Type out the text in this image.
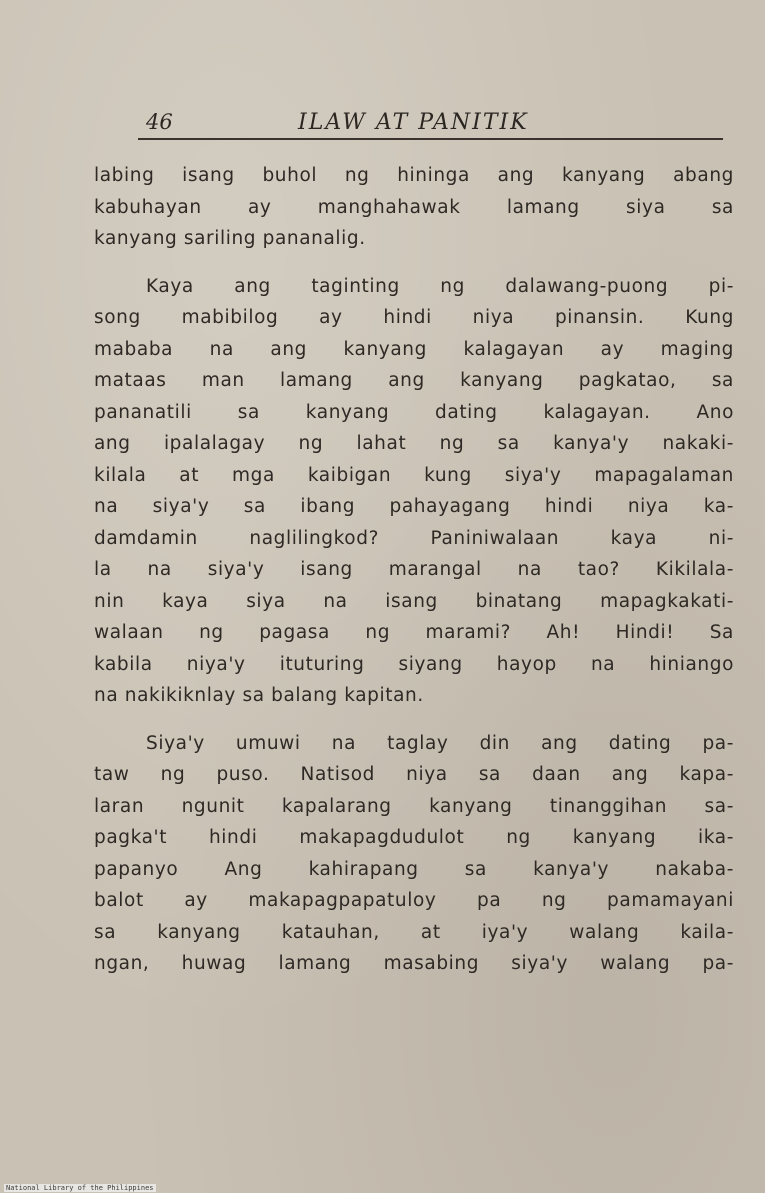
46	ILAW AT PANITIK
labing isang buhol ng hininga ang kanyang abang
kabuhayan ay manghahawak lamang siya sa
kanyang sariling pananalig.
Kaya ang taginting ng dalawang-puong pi-
song mabibilog ay hindi niya pinansin. Kung
mababa na ang kanyang kalagayan ay maging
mataas man lamang ang kanyang pagkatao, sa
pananatili sa kanyang dating kalagayan. Ano
ang ipalalagay ng lahat ng sa kanya'y nakaki-
kilala at mga kaibigan kung siya'y mapagalaman
na siya'y sa ibang pahayagang hindi niya ka-
damdamin naglilingkod? Paniniwalaan kaya ni-
la na siya'y isang marangal na tao? Kikilala-
nin kaya siya na isang binatang mapagkakati-
walaan ng pagasa ng marami? Ah! Hindi! Sa
kabila niya'y ituturing siyang hayop na hiniango
na nakikiknlay sa balang kapitan.
Siya'y umuwi na taglay din ang dating pa-
taw ng puso. Natisod niya sa daan ang kapa-
laran ngunit kapalarang kanyang tinanggihan sa-
pagka't hindi makapagdudulot ng kanyang ika-
papanyo Ang kahirapang sa kanya'y nakaba-
balot ay makapagpapatuloy pa ng pamamayani
sa kanyang katauhan, at iya'y walang kaila-
ngan, huwag lamang masabing siya'y walang pa-
National Library of the Philippines
